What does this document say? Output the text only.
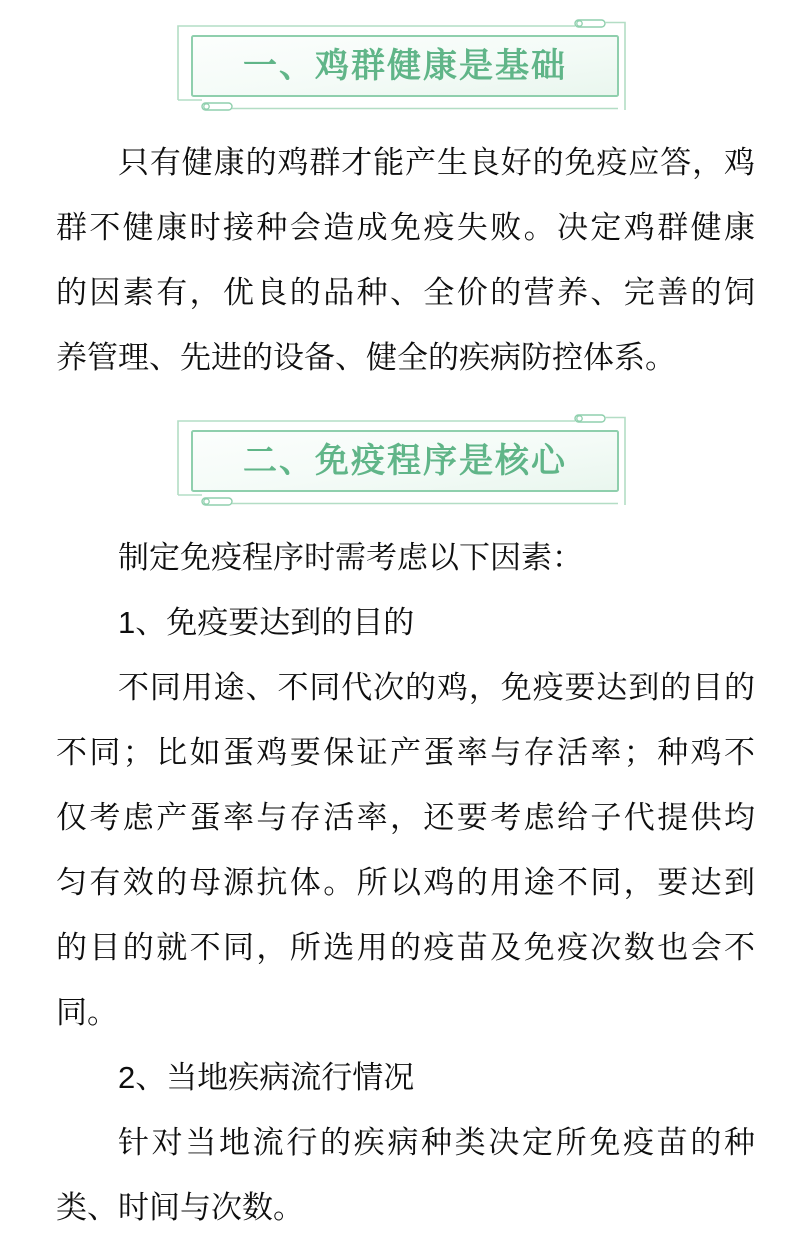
一、鸡群健康是基础
只有健康的鸡群才能产生良好的免疫应答，鸡
群不健康时接种会造成免疫失败。决定鸡群健康
的因素有，优良的品种、全价的营养、完善的饲
养管理、先进的设备、健全的疾病防控体系。
二、免疫程序是核心
制定免疫程序时需考虑以下因素：
1、免疫要达到的目的
不同用途、不同代次的鸡，免疫要达到的目的
不同；比如蛋鸡要保证产蛋率与存活率；种鸡不
仅考虑产蛋率与存活率，还要考虑给子代提供均
匀有效的母源抗体。所以鸡的用途不同，要达到
的目的就不同，所选用的疫苗及免疫次数也会不
同。
2、当地疾病流行情况
针对当地流行的疾病种类决定所免疫苗的种
类、时间与次数。
